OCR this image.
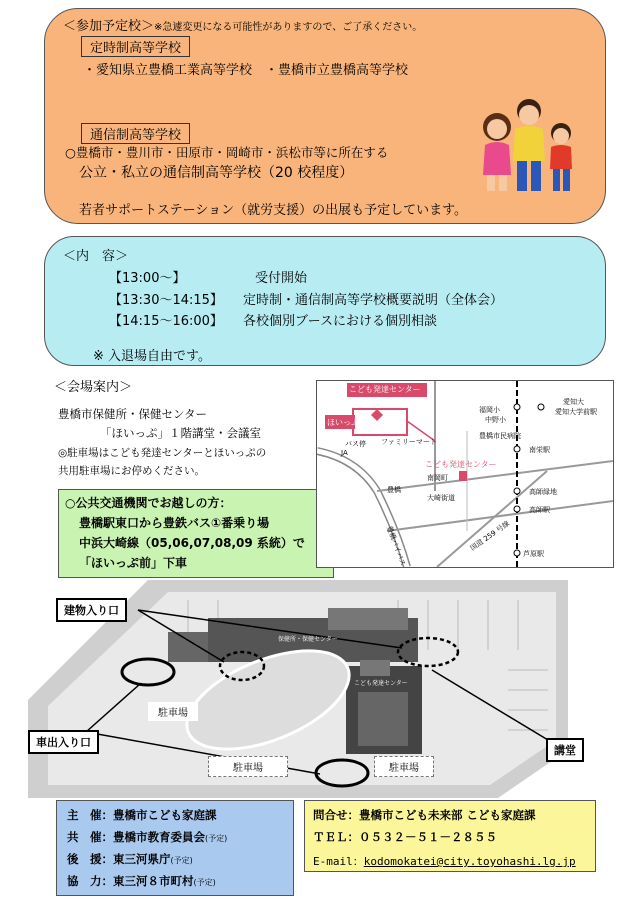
＜参加予定校＞※急遽変更になる可能性がありますので、ご了承ください。
定時制高等学校
・愛知県立豊橋工業高等学校　・豊橋市立豊橋高等学校
通信制高等学校
○豊橋市・豊川市・田原市・岡崎市・浜松市等に所在する
公立・私立の通信制高等学校（20 校程度）
若者サポートステーション（就労支援）の出展も予定しています。
＜内　容＞
【13:00～】	受付開始
【13:30～14:15】 定時制・通信制高等学校概要説明（全体会）
【14:15～16:00】 各校個別ブースにおける個別相談
※ 入退場自由です。
＜会場案内＞
豊橋市保健所・保健センター
「ほいっぷ」１階講堂・会議室
◎駐車場はこども発達センターとほいっぷの
共用駐車場にお停めください。
○公共交通機関でお越しの方：
豊橋駅東口から豊鉄バス①番乗り場
中浜大崎線（05,06,07,08,09 系統）で
「ほいっぷ前」下車
こども発達センター
ほいっぷ
こども発達センター
バス停
JA
ファミリーマート
南岡町
豊橋市民病院
福岡小
中野小
愛知大
愛知大学前駅
南栄駅
高師緑地
高師駅
芦原駅
豊橋
大崎街道
国道 259 号線
豊橋バイパス
建物入り口
車出入り口
講堂
駐車場
駐車場	駐車場
保健所・保健センター
こども発達センター
主　催：豊橋市こども家庭課
共　催：豊橋市教育委員会(予定)
後　援：東三河県庁(予定)
協　力：東三河８市町村(予定)
問合せ：豊橋市こども未来部 こども家庭課
ＴＥＬ：０５３２－５１－２８５５
E-mail：kodomokatei@city.toyohashi.lg.jp
